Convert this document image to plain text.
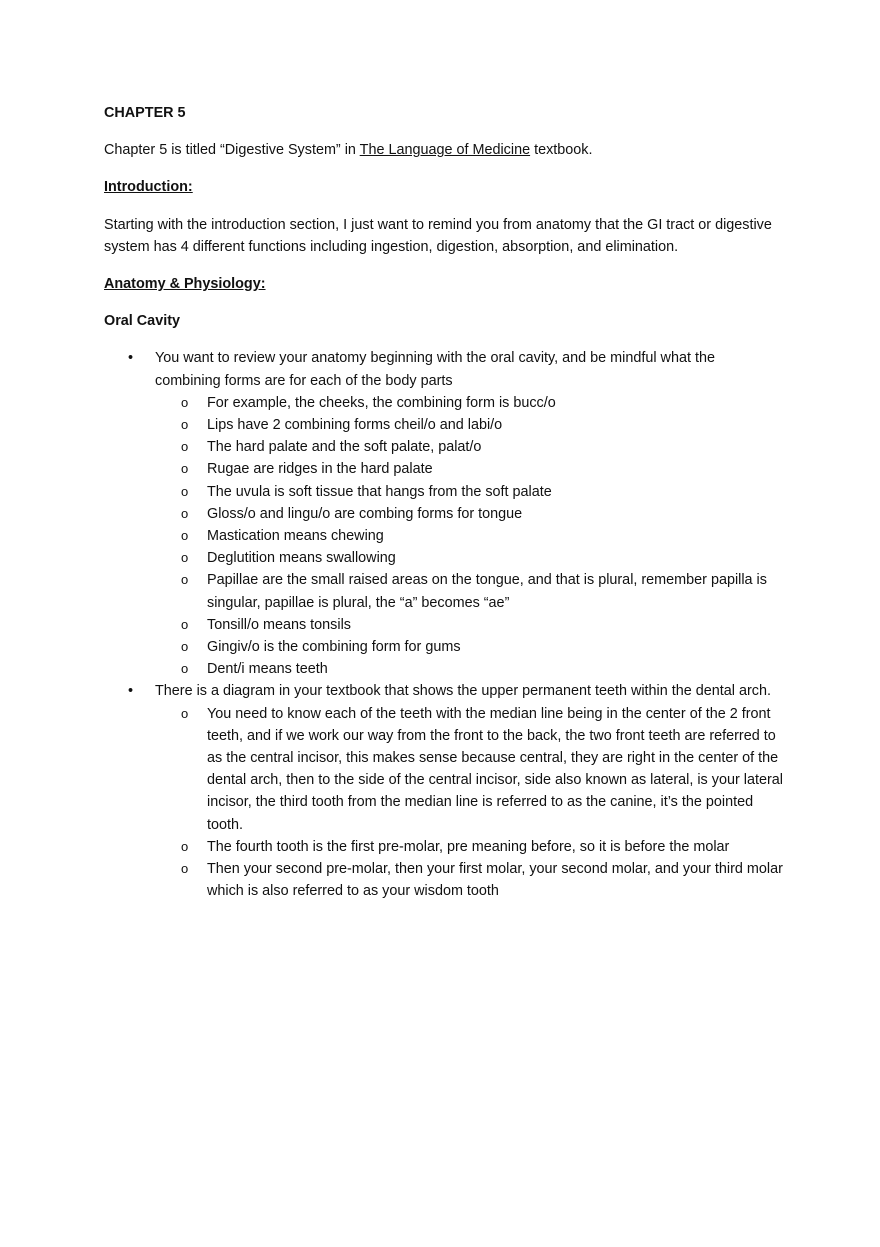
CHAPTER 5

Chapter 5 is titled “Digestive System” in The Language of Medicine textbook.

Introduction:

Starting with the introduction section, I just want to remind you from anatomy that the GI tract or digestive system has 4 different functions including ingestion, digestion, absorption, and elimination.

Anatomy & Physiology:

Oral Cavity

• You want to review your anatomy beginning with the oral cavity, and be mindful what the combining forms are for each of the body parts
o For example, the cheeks, the combining form is bucc/o
o Lips have 2 combining forms cheil/o and labi/o
o The hard palate and the soft palate, palat/o
o Rugae are ridges in the hard palate
o The uvula is soft tissue that hangs from the soft palate
o Gloss/o and lingu/o are combing forms for tongue
o Mastication means chewing
o Deglutition means swallowing
o Papillae are the small raised areas on the tongue, and that is plural, remember papilla is singular, papillae is plural, the “a” becomes “ae”
o Tonsill/o means tonsils
o Gingiv/o is the combining form for gums
o Dent/i means teeth
• There is a diagram in your textbook that shows the upper permanent teeth within the dental arch.
o You need to know each of the teeth with the median line being in the center of the 2 front teeth, and if we work our way from the front to the back, the two front teeth are referred to as the central incisor, this makes sense because central, they are right in the center of the dental arch, then to the side of the central incisor, side also known as lateral, is your lateral incisor, the third tooth from the median line is referred to as the canine, it’s the pointed tooth.
o The fourth tooth is the first pre-molar, pre meaning before, so it is before the molar
o Then your second pre-molar, then your first molar, your second molar, and your third molar which is also referred to as your wisdom tooth
